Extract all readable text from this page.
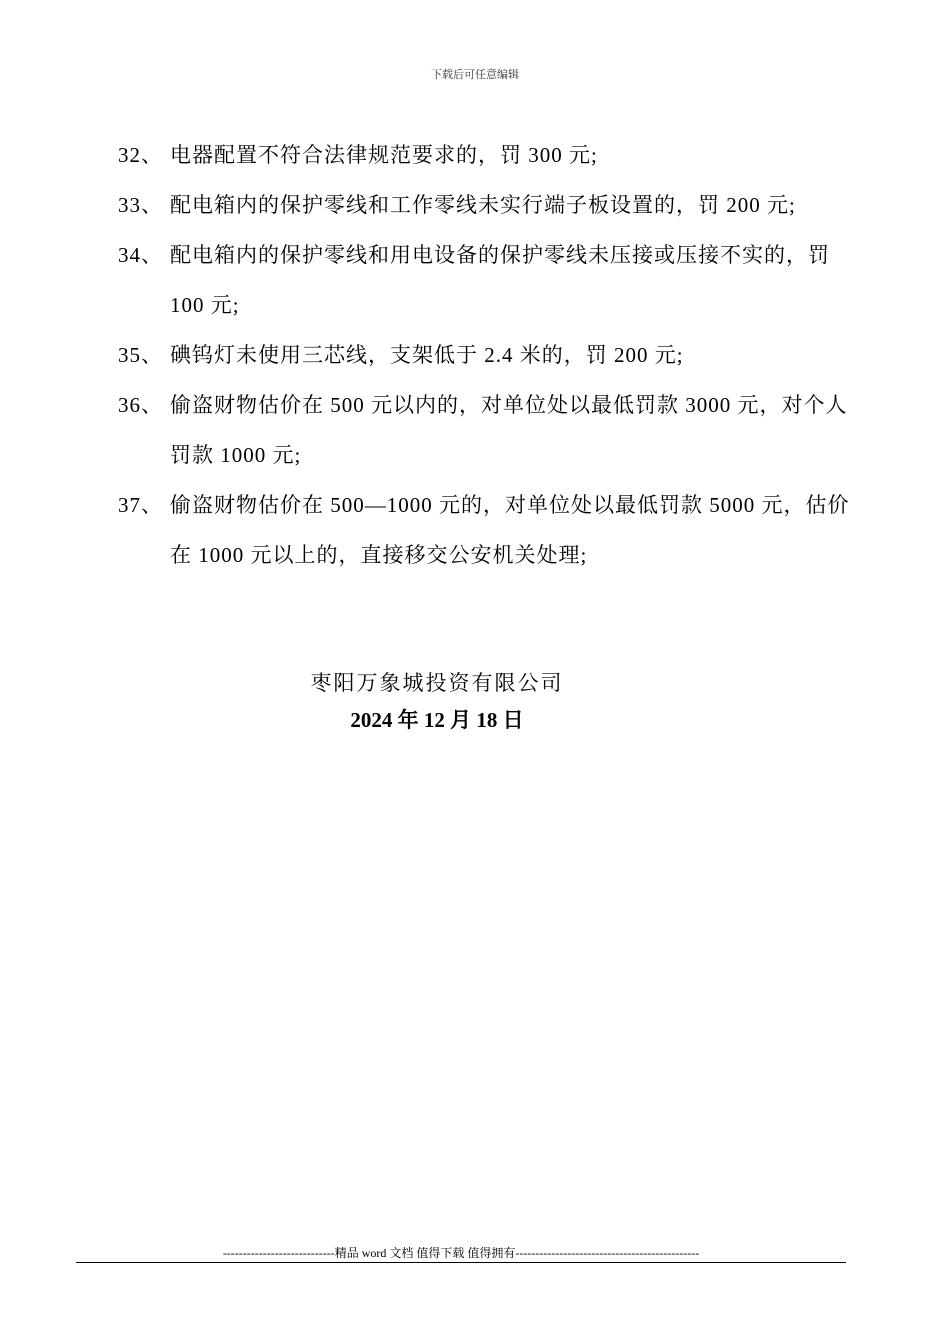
下载后可任意编辑
32、 电器配置不符合法律规范要求的，罚 300 元;
33、 配电箱内的保护零线和工作零线未实行端子板设置的，罚 200 元;
34、 配电箱内的保护零线和用电设备的保护零线未压接或压接不实的，罚 100 元;
35、 碘钨灯未使用三芯线，支架低于 2.4 米的，罚 200 元;
36、 偷盗财物估价在 500 元以内的，对单位处以最低罚款 3000 元，对个人罚款 1000 元;
37、 偷盗财物估价在 500—1000 元的，对单位处以最低罚款 5000 元，估价在 1000 元以上的，直接移交公安机关处理;
枣阳万象城投资有限公司
2024 年 12 月 18 日
----------------------------精品 word 文档 值得下载 值得拥有----------------------------------------------
